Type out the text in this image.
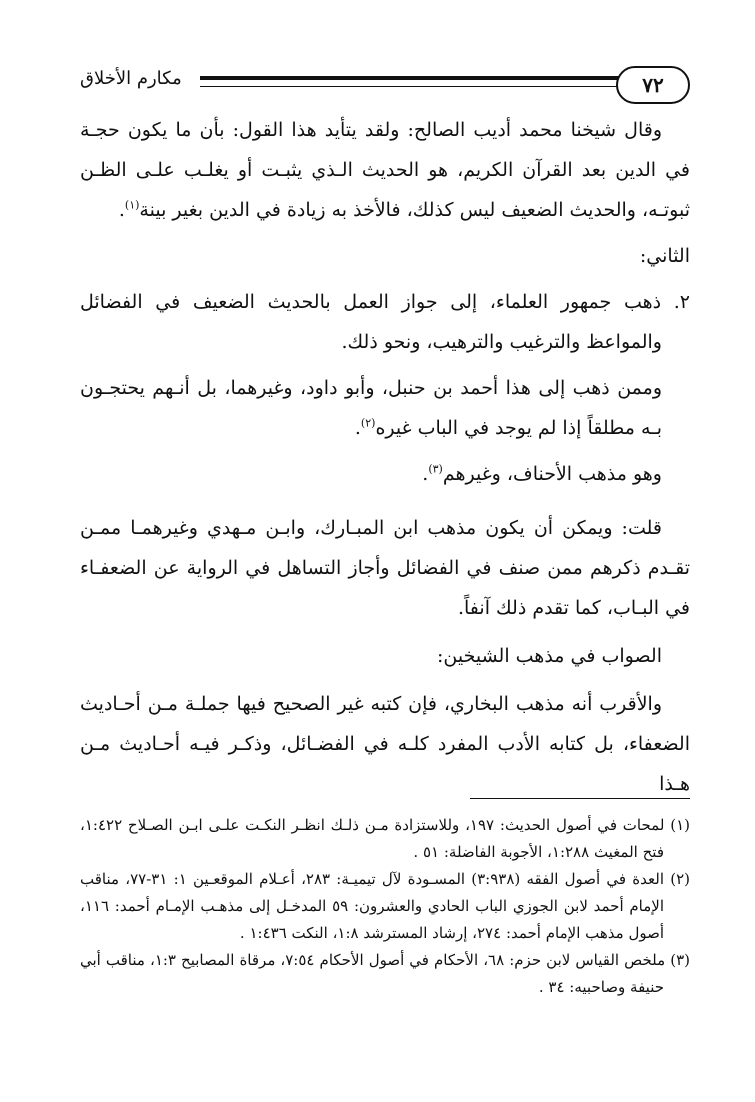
٧٢
مكارم الأخلاق

وقال شيخنا محمد أديب الصالح: ولقد يتأيد هذا القول: بأن ما يكون حجـة في الدين بعد القرآن الكريم، هو الحديث الـذي يثبـت أو يغلـب علـى الظـن ثبوتـه، والحديث الضعيف ليس كذلك، فالأخذ به زيادة في الدين بغير بينة$^{(١)}$.

الثاني:

٢. ذهب جمهور العلماء، إلى جواز العمل بالحديث الضعيف في الفضائل والمواعظ والترغيب والترهيب، ونحو ذلك.

وممن ذهب إلى هذا أحمد بن حنبل، وأبو داود، وغيرهما، بل أنـهم يحتجـون بـه مطلقاً إذا لم يوجد في الباب غيره$^{(٢)}$.

وهو مذهب الأحناف، وغيرهم$^{(٣)}$.

قلت: ويمكن أن يكون مذهب ابن المبـارك، وابـن مـهدي وغيرهمـا ممـن تقـدم ذكرهم ممن صنف في الفضائل وأجاز التساهل في الرواية عن الضعفـاء في البـاب، كما تقدم ذلك آنفاً.

الصواب في مذهب الشيخين:

والأقرب أنه مذهب البخاري، فإن كتبه غير الصحيح فيها جملـة مـن أحـاديث الضعفاء، بل كتابه الأدب المفرد كلـه في الفضـائل، وذكـر فيـه أحـاديث مـن هـذا

(١) لمحات في أصول الحديث: ١٩٧، وللاستزادة مـن ذلـك انظـر النكـت علـى ابـن الصـلاح ١:٤٢٢، فتح المغيث ١:٢٨٨، الأجوبة الفاضلة: ٥١ .

(٢) العدة في أصول الفقه (٣:٩٣٨) المسـودة لآل تيميـة: ٢٨٣، أعـلام الموقعـين ١: ٣١-٧٧، مناقب الإمام أحمد لابن الجوزي الباب الحادي والعشرون: ٥٩ المدخـل إلى مذهـب الإمـام أحمد: ١١٦، أصول مذهب الإمام أحمد: ٢٧٤، إرشاد المسترشد ١:٨، النكت ١:٤٣٦ .

(٣) ملخص القياس لابن حزم: ٦٨، الأحكام في أصول الأحكام ٧:٥٤، مرقاة المصابيح ١:٣، مناقب أبي حنيفة وصاحبيه: ٣٤ .
